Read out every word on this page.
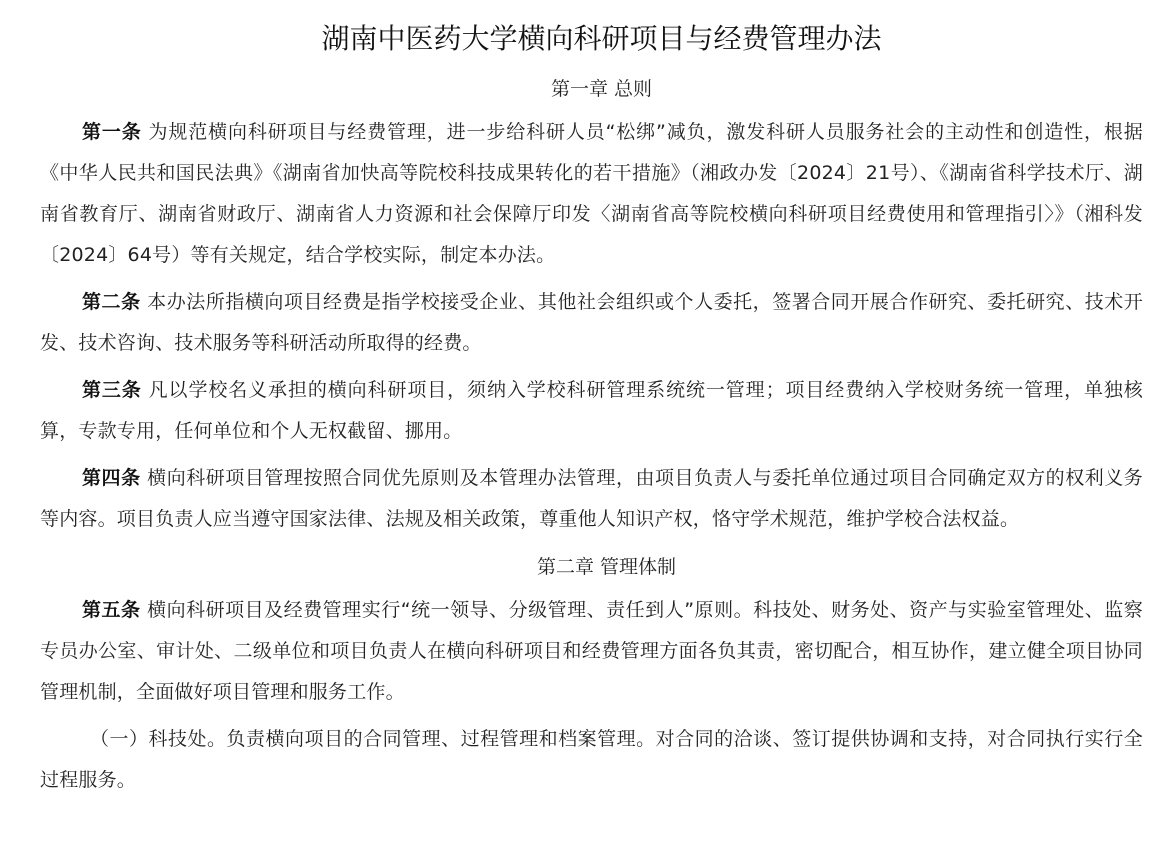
湖南中医药大学横向科研项目与经费管理办法
第一章 总则

第一条 为规范横向科研项目与经费管理，进一步给科研人员“松绑”减负，激发科研人员服务社会的主动性和创造性，根据《中华人民共和国民法典》《湖南省加快高等院校科技成果转化的若干措施》（湘政办发〔2024〕21号）、《湖南省科学技术厅、湖南省教育厅、湖南省财政厅、湖南省人力资源和社会保障厅印发〈湖南省高等院校横向科研项目经费使用和管理指引〉》（湘科发〔2024〕64号）等有关规定，结合学校实际，制定本办法。

第二条 本办法所指横向项目经费是指学校接受企业、其他社会组织或个人委托，签署合同开展合作研究、委托研究、技术开发、技术咨询、技术服务等科研活动所取得的经费。

第三条 凡以学校名义承担的横向科研项目，须纳入学校科研管理系统统一管理；项目经费纳入学校财务统一管理，单独核算，专款专用，任何单位和个人无权截留、挪用。

第四条 横向科研项目管理按照合同优先原则及本管理办法管理，由项目负责人与委托单位通过项目合同确定双方的权利义务等内容。项目负责人应当遵守国家法律、法规及相关政策，尊重他人知识产权，恪守学术规范，维护学校合法权益。

第二章 管理体制

第五条 横向科研项目及经费管理实行“统一领导、分级管理、责任到人”原则。科技处、财务处、资产与实验室管理处、监察专员办公室、审计处、二级单位和项目负责人在横向科研项目和经费管理方面各负其责，密切配合，相互协作，建立健全项目协同管理机制，全面做好项目管理和服务工作。

（一）科技处。负责横向项目的合同管理、过程管理和档案管理。对合同的洽谈、签订提供协调和支持，对合同执行实行全过程服务。
